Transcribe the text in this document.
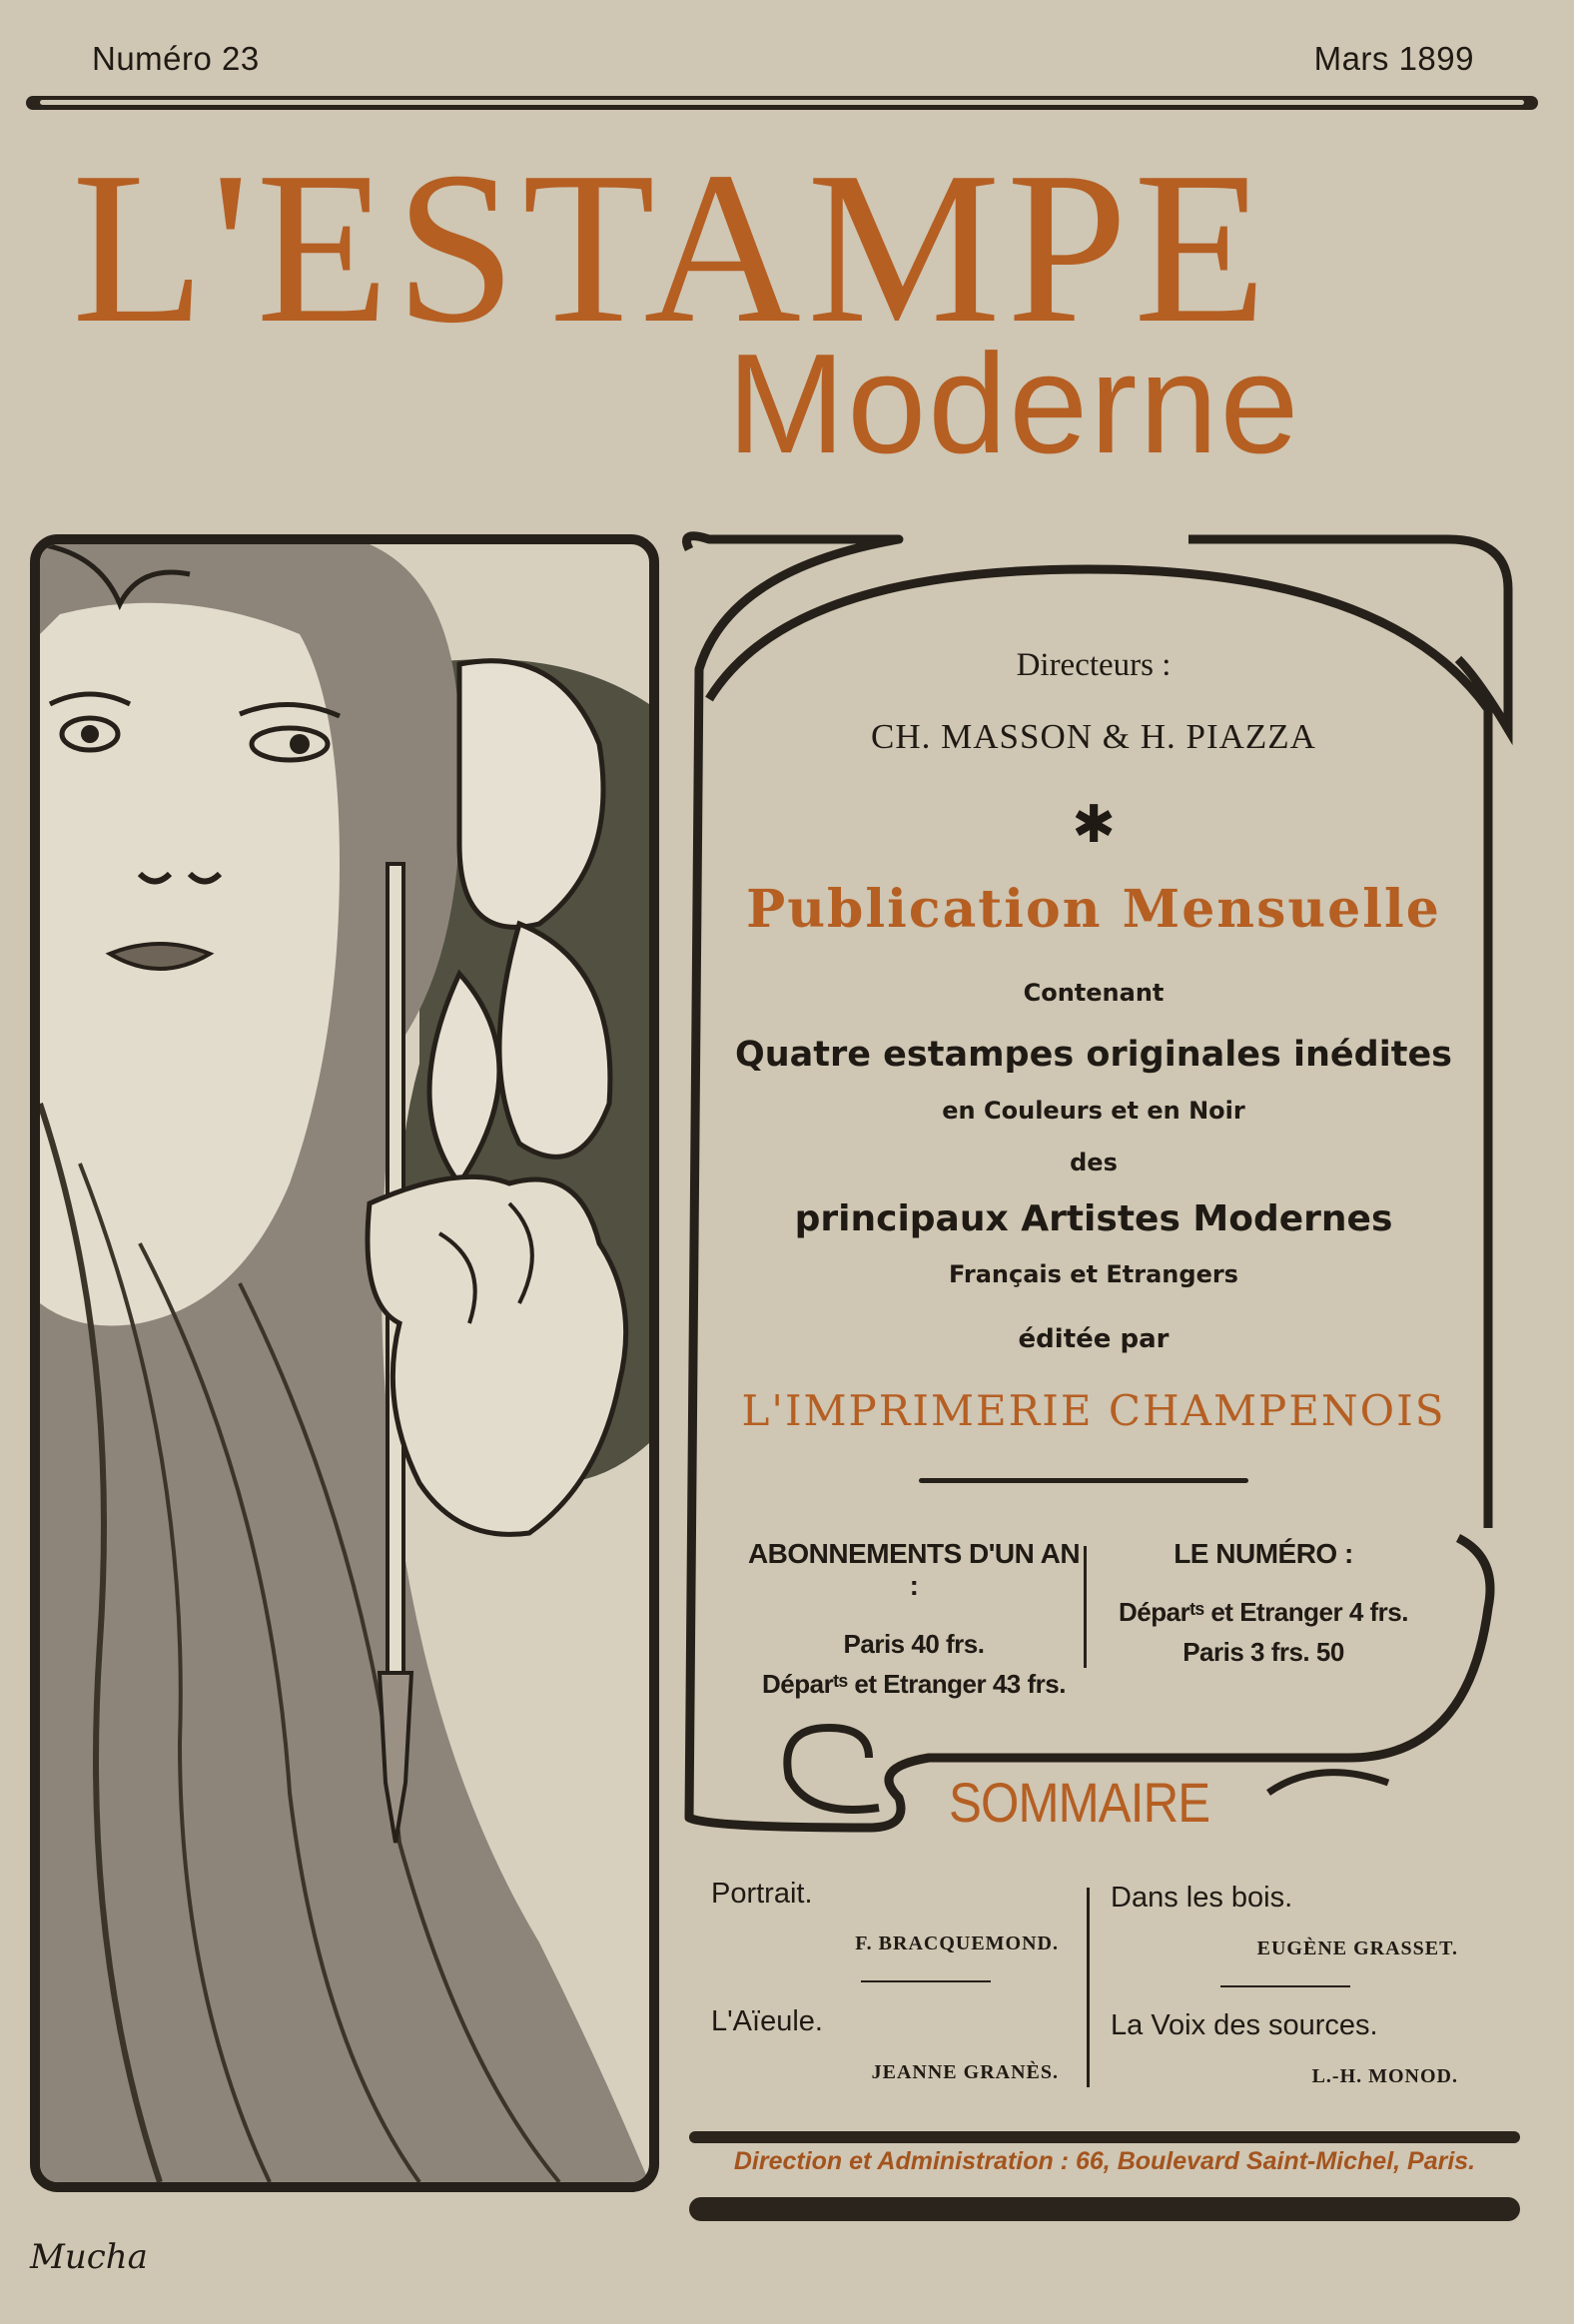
Numéro 23	Mars 1899
L'ESTAMPE
Moderne
Directeurs :
CH. MASSON & H. PIAZZA
✱
Publication Mensuelle
Contenant
Quatre estampes originales inédites
en Couleurs et en Noir
des
principaux Artistes Modernes
Français et Etrangers
éditée par
L'IMPRIMERIE CHAMPENOIS
ABONNEMENTS D'UN AN :
Paris 40 frs.
Déparᵗˢ et Etranger 43 frs.
LE NUMÉRO :
Déparᵗˢ et Etranger 4 frs.
Paris 3 frs. 50
SOMMAIRE
Portrait.
F. BRACQUEMOND.
L'Aïeule.
JEANNE GRANÈS.
Dans les bois.
EUGÈNE GRASSET.
La Voix des sources.
L.-H. MONOD.
Direction et Administration : 66, Boulevard Saint-Michel, Paris.
Mucha
